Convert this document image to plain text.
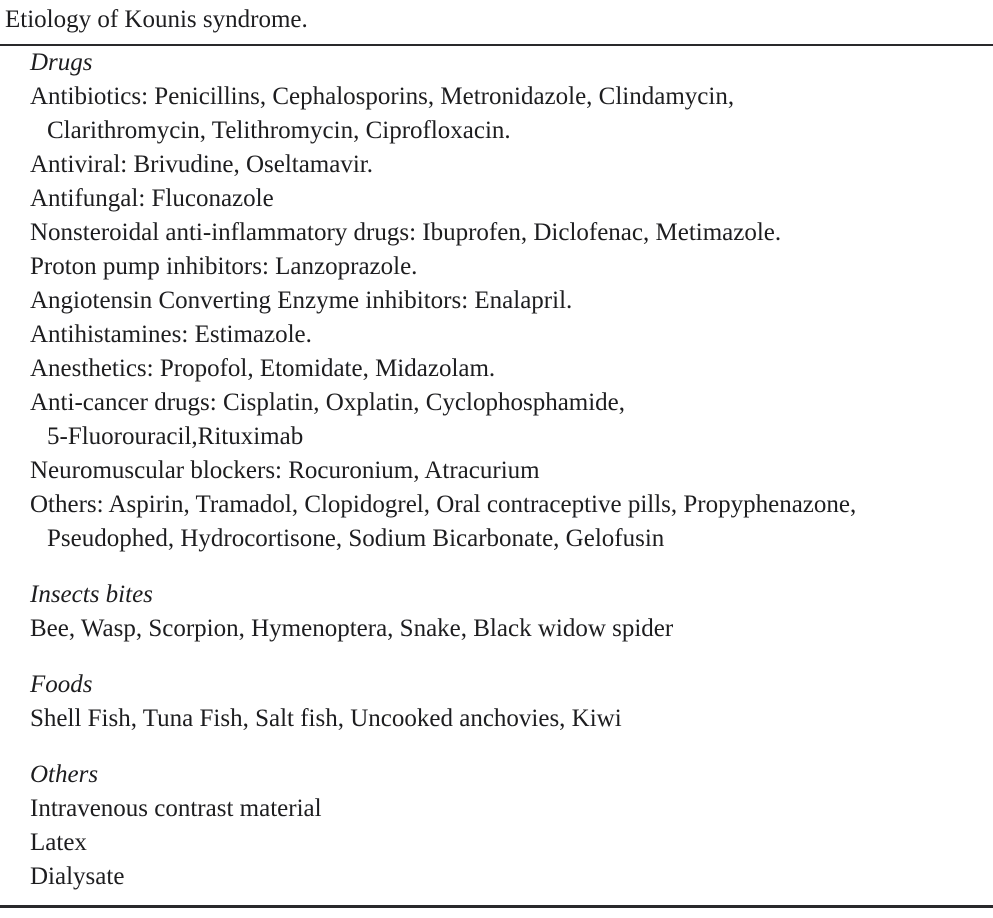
Etiology of Kounis syndrome.
Drugs
Antibiotics: Penicillins, Cephalosporins, Metronidazole, Clindamycin,
Clarithromycin, Telithromycin, Ciprofloxacin.
Antiviral: Brivudine, Oseltamavir.
Antifungal: Fluconazole
Nonsteroidal anti-inflammatory drugs: Ibuprofen, Diclofenac, Metimazole.
Proton pump inhibitors: Lanzoprazole.
Angiotensin Converting Enzyme inhibitors: Enalapril.
Antihistamines: Estimazole.
Anesthetics: Propofol, Etomidate, Midazolam.
Anti-cancer drugs: Cisplatin, Oxplatin, Cyclophosphamide,
5-Fluorouracil,Rituximab
Neuromuscular blockers: Rocuronium, Atracurium
Others: Aspirin, Tramadol, Clopidogrel, Oral contraceptive pills, Propyphenazone,
Pseudophed, Hydrocortisone, Sodium Bicarbonate, Gelofusin
Insects bites
Bee, Wasp, Scorpion, Hymenoptera, Snake, Black widow spider
Foods
Shell Fish, Tuna Fish, Salt fish, Uncooked anchovies, Kiwi
Others
Intravenous contrast material
Latex
Dialysate
